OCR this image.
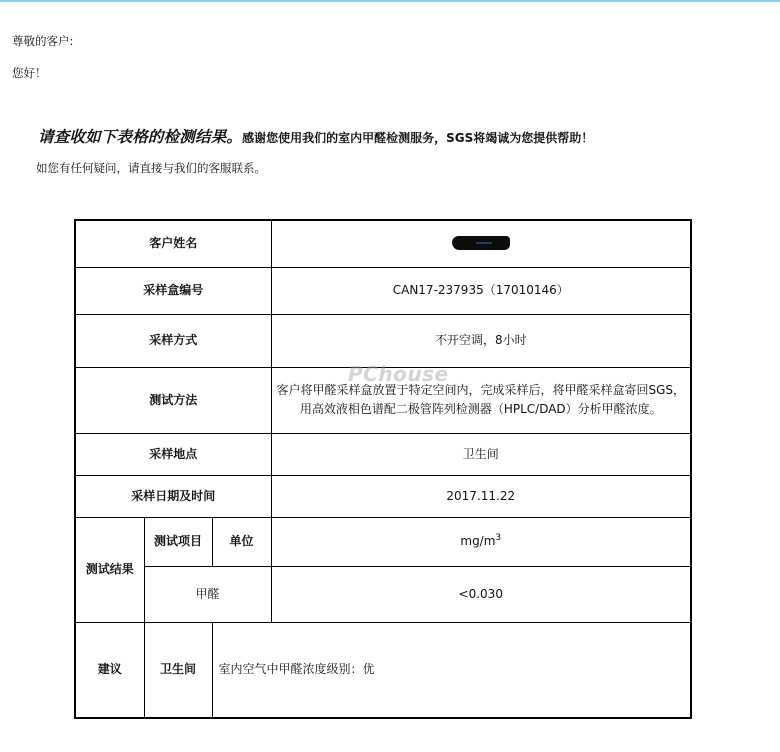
尊敬的客户:
您好！
请查收如下表格的检测结果。感谢您使用我们的室内甲醛检测服务，SGS将竭诚为您提供帮助！
如您有任何疑问，请直接与我们的客服联系。
客户姓名			
采样盒编号			CAN17-237935（17010146）
采样方式			不开空调，8小时
测试方法			客户将甲醛采样盒放置于特定空间内，完成采样后，将甲醛采样盒寄回SGS，
用高效液相色谱配二极管阵列检测器（HPLC/DAD）分析甲醛浓度。

采样地点			卫生间
采样日期及时间			2017.11.22
测试结果	测试项目	单位	$mg/m^3$
	甲醛		<0.030
建议	卫生间	室内空气中甲醛浓度级别：优	
PChouse
